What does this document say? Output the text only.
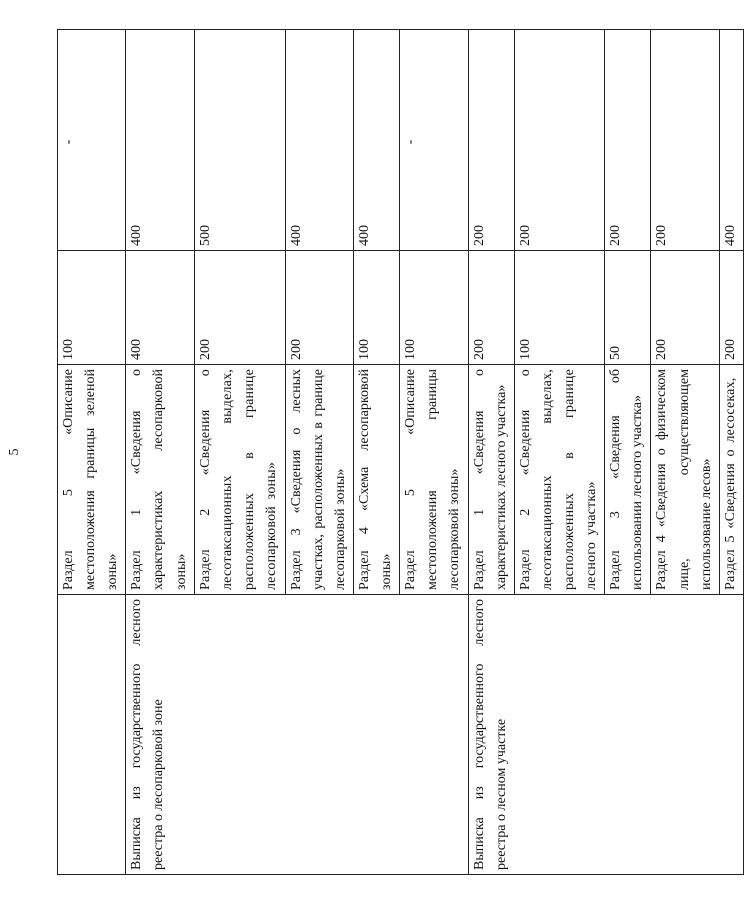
5
		Раздел 5 «Описание местоположения границы зеленой зоны»	100	-
Выписка из государственного лесного реестра о лесопарковой зоне	Раздел 1 «Сведения о характеристиках лесопарковой зоны»	400	400
	Раздел 2 «Сведения о лесотаксационных выделах, расположенных в границе лесопарковой зоны»	200	500
	Раздел 3 «Сведения о лесных участках, расположенных в границе лесопарковой зоны»	200	400
	Раздел 4 «Схема лесопарковой зоны»	100	400
	Раздел 5 «Описание местоположения границы лесопарковой зоны»	100	-
Выписка из государственного лесного реестра о лесном участке	Раздел 1 «Сведения о характеристиках лесного участка»	200	200
	Раздел 2 «Сведения о лесотаксационных выделах, расположенных в границе лесного участка»	100	200
	Раздел 3 «Сведения об использовании лесного участка»	50	200
	Раздел 4 «Сведения о физическом лице, осуществляющем использование лесов»	200	200
	Раздел 5 «Сведения о лесосеках,	200	400
